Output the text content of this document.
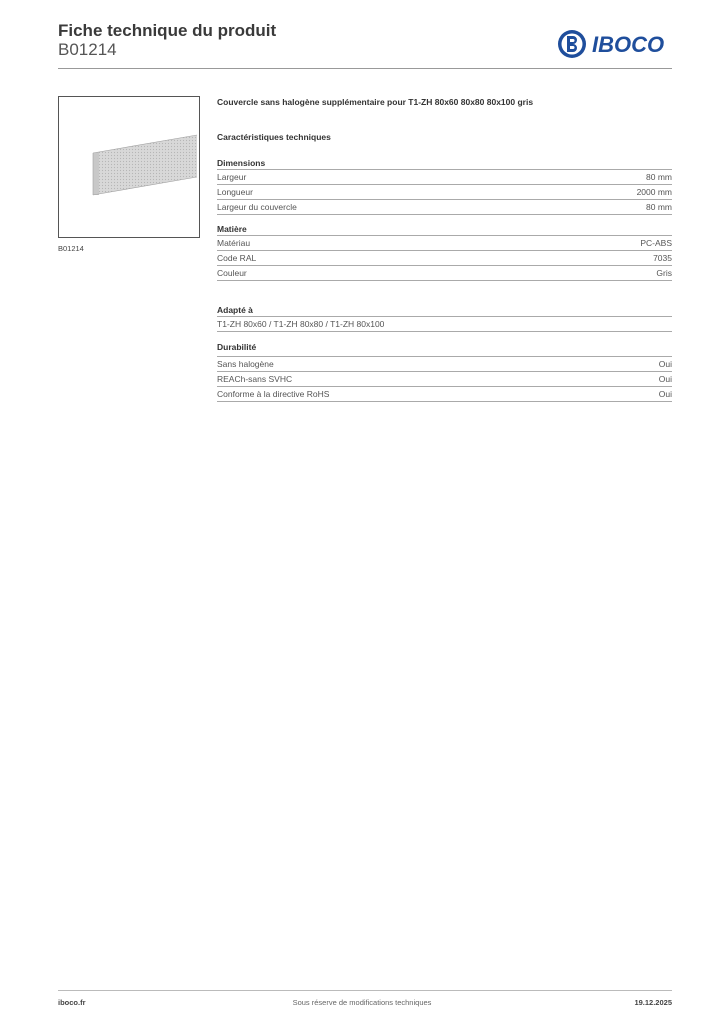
Fiche technique du produit
B01214	IBOCO
B01214

Couvercle sans halogène supplémentaire pour T1-ZH 80x60 80x80 80x100 gris

Caractéristiques techniques
Dimensions
Largeur	80 mm
Longueur	2000 mm
Largeur du couvercle	80 mm
Matière
Matériau	PC-ABS
Code RAL	7035
Couleur	Gris
Adapté à
T1-ZH 80x60 / T1-ZH 80x80 / T1-ZH 80x100
Durabilité
Sans halogène	Oui
REACh-sans SVHC	Oui
Conforme à la directive RoHS	Oui
iboco.fr	Sous réserve de modifications techniques	19.12.2025
